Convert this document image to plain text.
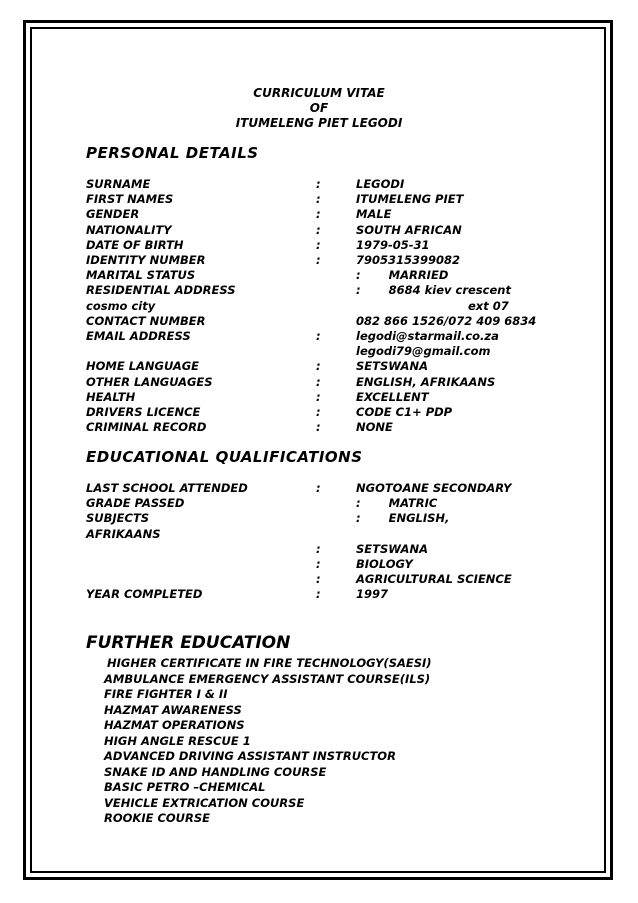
CURRICULUM VITAE
OF
ITUMELENG PIET LEGODI
PERSONAL DETAILS
SURNAME	:	LEGODI
FIRST NAMES	:	ITUMELENG PIET
GENDER	:	MALE
NATIONALITY	:	SOUTH AFRICAN
DATE OF BIRTH	:	1979-05-31
IDENTITY NUMBER	:	7905315399082
MARITAL STATUS	:       MARRIED
RESIDENTIAL ADDRESS	:       8684 kiev crescent
cosmo city	ext 07
CONTACT NUMBER	082 866 1526/072 409 6834
EMAIL ADDRESS	:	legodi@starmail.co.za
legodi79@gmail.com
HOME LANGUAGE	:	SETSWANA
OTHER LANGUAGES	:	ENGLISH, AFRIKAANS
HEALTH	:	EXCELLENT
DRIVERS LICENCE	:	CODE C1+ PDP
CRIMINAL RECORD	:	NONE
EDUCATIONAL QUALIFICATIONS
LAST SCHOOL ATTENDED	:	NGOTOANE SECONDARY
GRADE PASSED	:       MATRIC
SUBJECTS	:       ENGLISH,
AFRIKAANS
:	SETSWANA
:	BIOLOGY
:	AGRICULTURAL SCIENCE
YEAR COMPLETED	:	1997
FURTHER EDUCATION
HIGHER CERTIFICATE IN FIRE TECHNOLOGY(SAESI)
AMBULANCE EMERGENCY ASSISTANT COURSE(ILS)
FIRE FIGHTER I & II
HAZMAT AWARENESS
HAZMAT OPERATIONS
HIGH ANGLE RESCUE 1
ADVANCED DRIVING ASSISTANT INSTRUCTOR
SNAKE ID AND HANDLING COURSE
BASIC PETRO –CHEMICAL
VEHICLE EXTRICATION COURSE
ROOKIE COURSE
